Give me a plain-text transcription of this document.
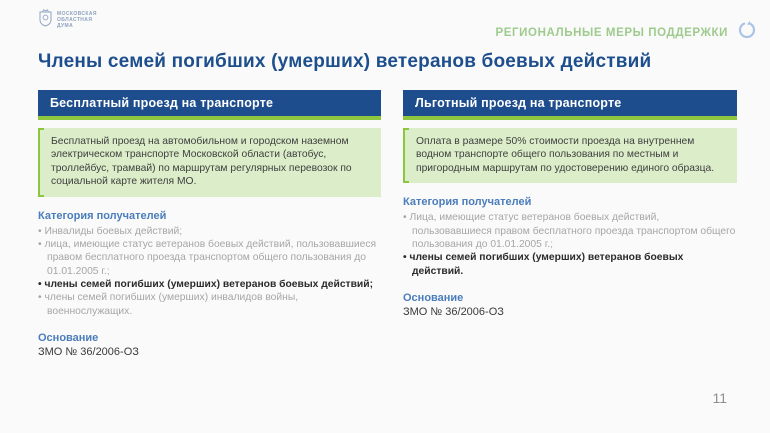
МОСКОВСКАЯ
ОБЛАСТНАЯ
ДУМА
РЕГИОНАЛЬНЫЕ МЕРЫ ПОДДЕРЖКИ
Члены семей погибших (умерших) ветеранов боевых действий
Бесплатный проезд на транспорте
Бесплатный проезд на автомобильном и городском наземном электрическом транспорте Московской области (автобус, троллейбус, трамвай) по маршрутам регулярных перевозок по социальной карте жителя МО.
Категория получателей
• Инвалиды боевых действий;
• лица, имеющие статус ветеранов боевых действий, пользовавшиеся правом бесплатного проезда транспортом общего пользования до 01.01.2005 г.;
• члены семей погибших (умерших) ветеранов боевых действий;
• члены семей погибших (умерших) инвалидов войны, военнослужащих.
Основание
ЗМО № 36/2006-ОЗ
Льготный проезд на транспорте
Оплата в размере 50% стоимости проезда на внутреннем водном транспорте общего пользования по местным и пригородным маршрутам по удостоверению единого образца.
Категория получателей
• Лица, имеющие статус ветеранов боевых действий, пользовавшиеся правом бесплатного проезда транспортом общего пользования до 01.01.2005 г.;
• члены семей погибших (умерших) ветеранов боевых действий.
Основание
ЗМО № 36/2006-ОЗ
11
